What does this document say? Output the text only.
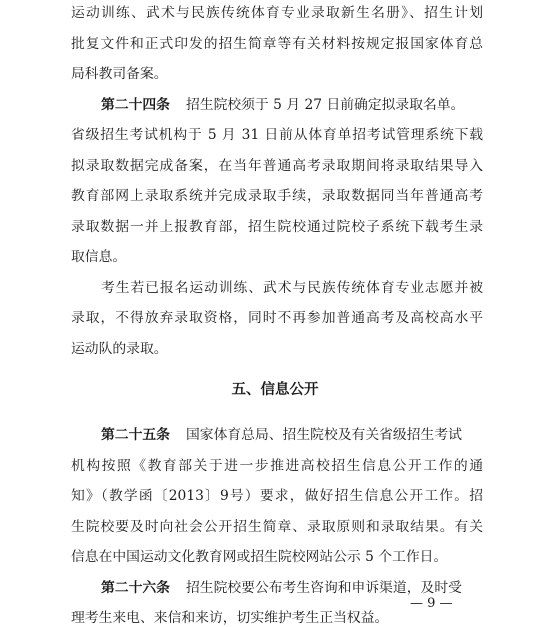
运动训练、武术与民族传统体育专业录取新生名册》、招生计划
批复文件和正式印发的招生简章等有关材料按规定报国家体育总
局科教司备案。
第二十四条 招生院校须于 5 月 27 日前确定拟录取名单。
省级招生考试机构于 5 月 31 日前从体育单招考试管理系统下载
拟录取数据完成备案，在当年普通高考录取期间将录取结果导入
教育部网上录取系统并完成录取手续，录取数据同当年普通高考
录取数据一并上报教育部，招生院校通过院校子系统下载考生录
取信息。
考生若已报名运动训练、武术与民族传统体育专业志愿并被
录取，不得放弃录取资格，同时不再参加普通高考及高校高水平
运动队的录取。
五、信息公开
第二十五条 国家体育总局、招生院校及有关省级招生考试
机构按照《教育部关于进一步推进高校招生信息公开工作的通
知》（教学函〔2013〕9号）要求，做好招生信息公开工作。招
生院校要及时向社会公开招生简章、录取原则和录取结果。有关
信息在中国运动文化教育网或招生院校网站公示 5 个工作日。
第二十六条 招生院校要公布考生咨询和申诉渠道，及时受
理考生来电、来信和来访，切实维护考生正当权益。
— 9 —
